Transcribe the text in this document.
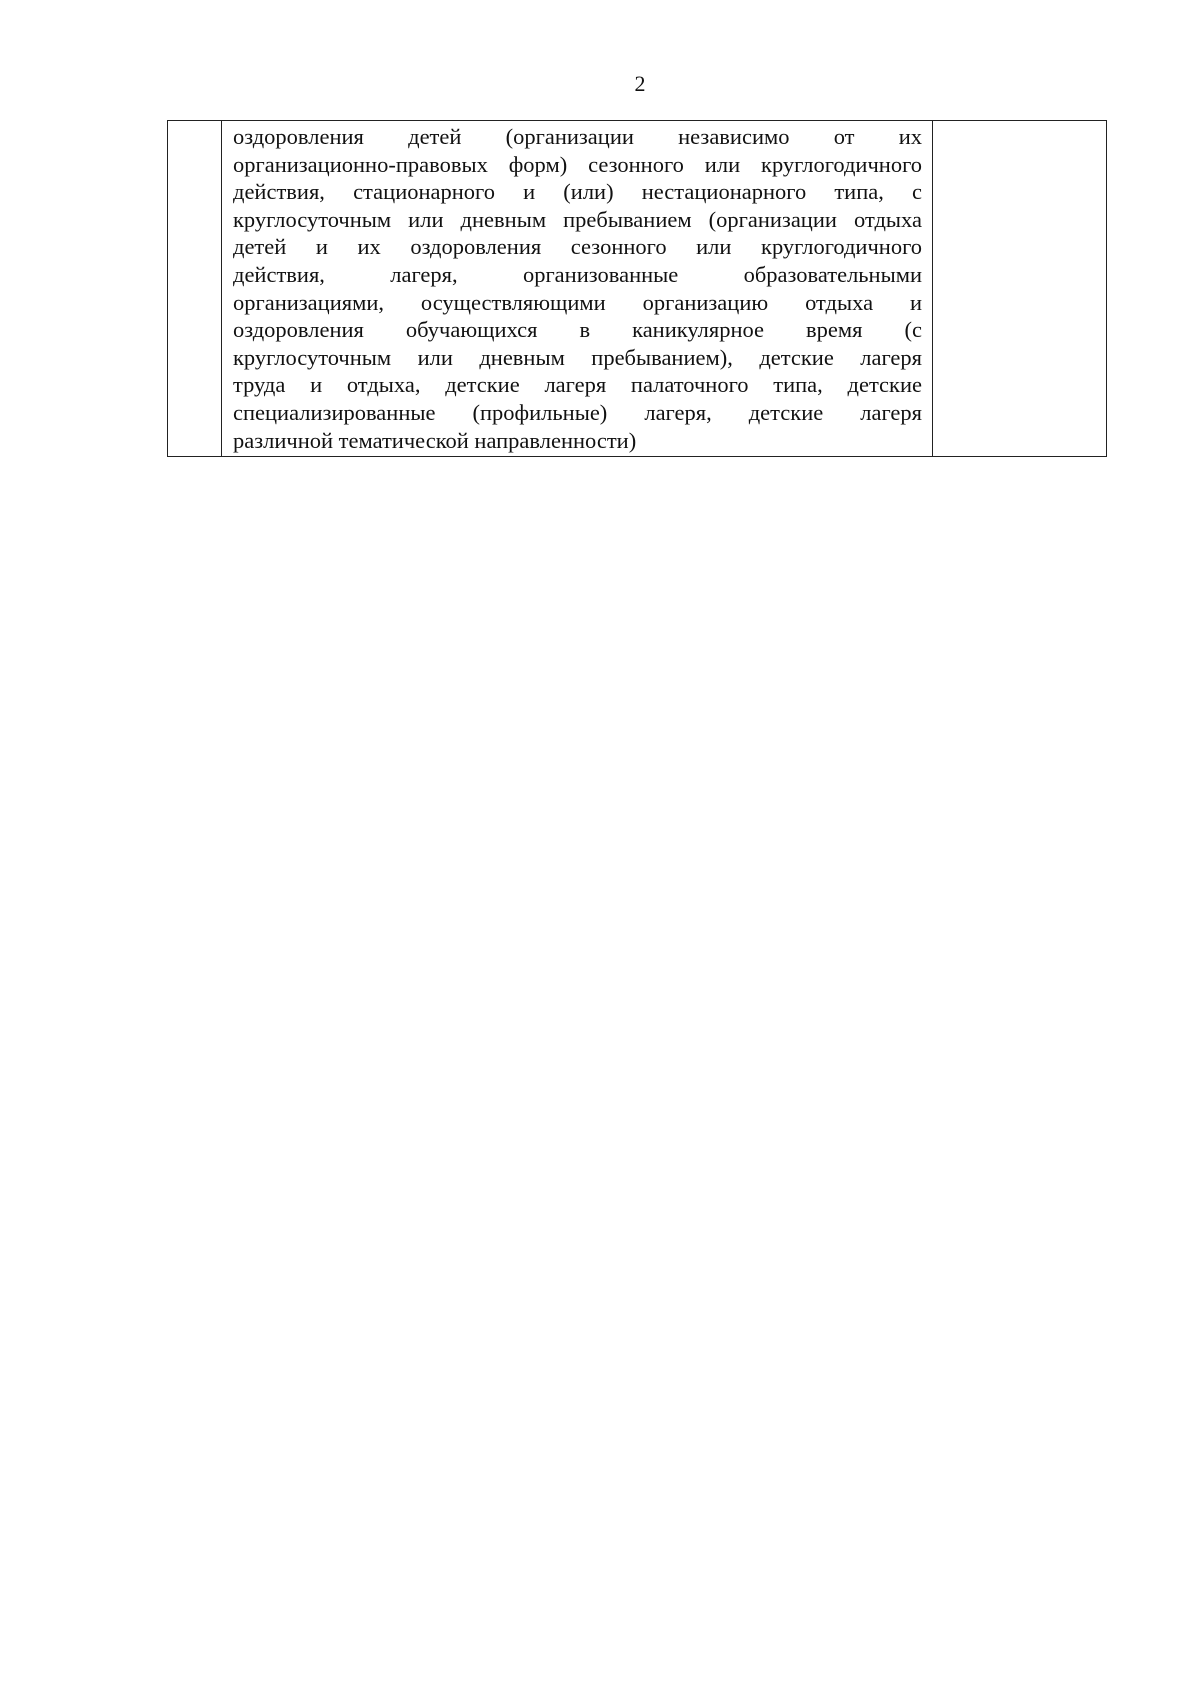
2

оздоровления детей (организации независимо от их
организационно-правовых форм) сезонного или круглогодичного
действия, стационарного и (или) нестационарного типа, с
круглосуточным или дневным пребыванием (организации отдыха
детей и их оздоровления сезонного или круглогодичного
действия, лагеря, организованные образовательными
организациями, осуществляющими организацию отдыха и
оздоровления обучающихся в каникулярное время (с
круглосуточным или дневным пребыванием), детские лагеря
труда и отдыха, детские лагеря палаточного типа, детские
специализированные (профильные) лагеря, детские лагеря
различной тематической направленности)
